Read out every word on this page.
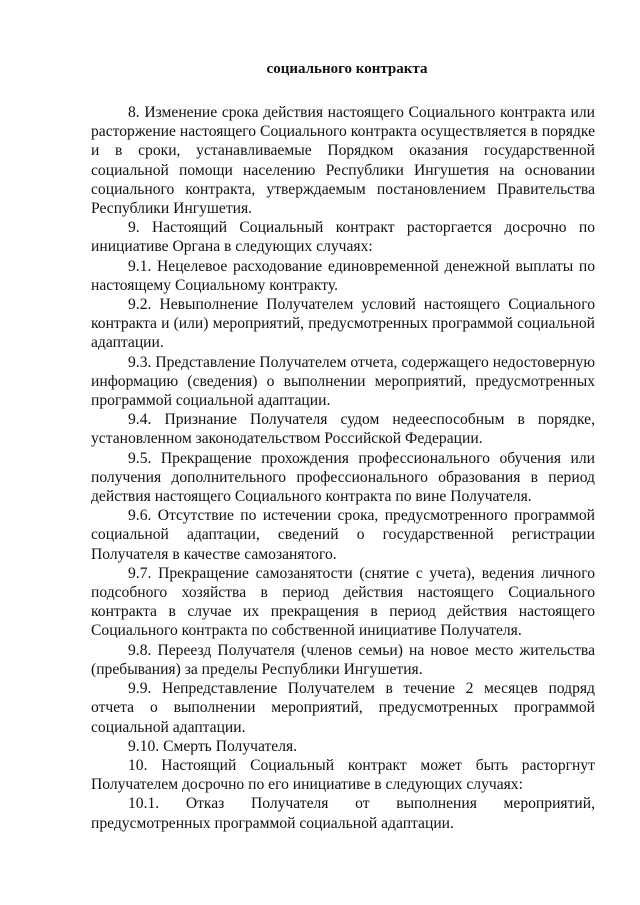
социального контракта

8. Изменение срока действия настоящего Социального контракта или расторжение настоящего Социального контракта осуществляется в порядке и в сроки, устанавливаемые Порядком оказания государственной социальной помощи населению Республики Ингушетия на основании социального контракта, утверждаемым постановлением Правительства Республики Ингушетия.

9. Настоящий Социальный контракт расторгается досрочно по инициативе Органа в следующих случаях:

9.1. Нецелевое расходование единовременной денежной выплаты по настоящему Социальному контракту.

9.2. Невыполнение Получателем условий настоящего Социального контракта и (или) мероприятий, предусмотренных программой социальной адаптации.

9.3. Представление Получателем отчета, содержащего недостоверную информацию (сведения) о выполнении мероприятий, предусмотренных программой социальной адаптации.

9.4. Признание Получателя судом недееспособным в порядке, установленном законодательством Российской Федерации.

9.5. Прекращение прохождения профессионального обучения или получения дополнительного профессионального образования в период действия настоящего Социального контракта по вине Получателя.

9.6. Отсутствие по истечении срока, предусмотренного программой социальной адаптации, сведений о государственной регистрации Получателя в качестве самозанятого.

9.7. Прекращение самозанятости (снятие с учета), ведения личного подсобного хозяйства в период действия настоящего Социального контракта в случае их прекращения в период действия настоящего Социального контракта по собственной инициативе Получателя.

9.8. Переезд Получателя (членов семьи) на новое место жительства (пребывания) за пределы Республики Ингушетия.

9.9. Непредставление Получателем в течение 2 месяцев подряд отчета о выполнении мероприятий, предусмотренных программой социальной адаптации.

9.10. Смерть Получателя.

10. Настоящий Социальный контракт может быть расторгнут Получателем досрочно по его инициативе в следующих случаях:

10.1. Отказ Получателя от выполнения мероприятий, предусмотренных программой социальной адаптации.
